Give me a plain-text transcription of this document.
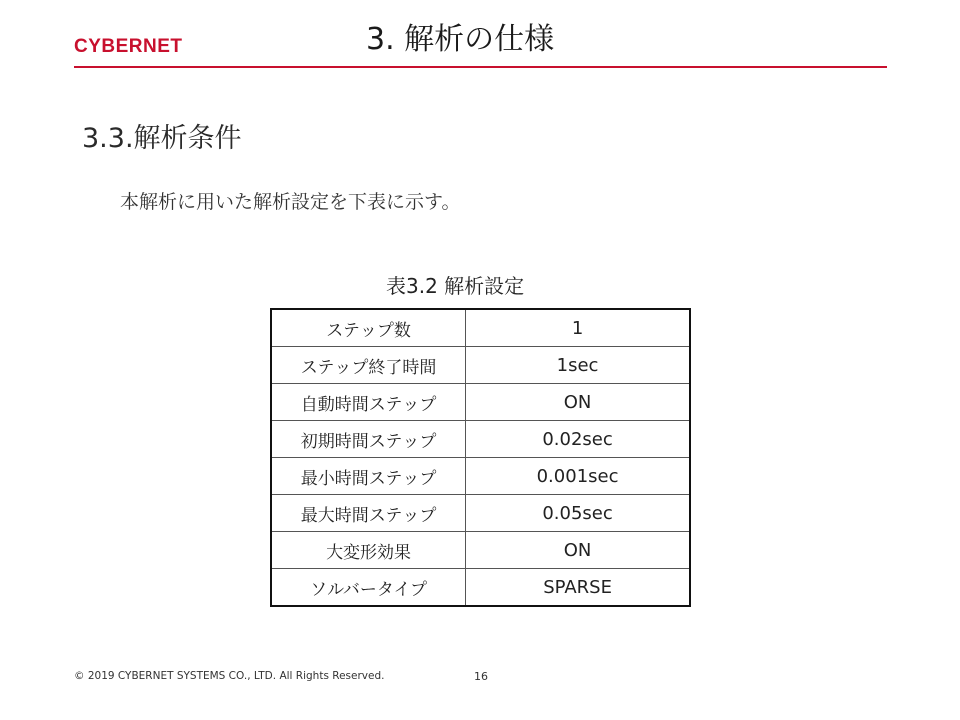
CYBERNET	3. 解析の仕様
3.3.解析条件
本解析に用いた解析設定を下表に示す。
表3.2 解析設定
ステップ数	1
ステップ終了時間	1sec
自動時間ステップ	ON
初期時間ステップ	0.02sec
最小時間ステップ	0.001sec
最大時間ステップ	0.05sec
大変形効果	ON
ソルバータイプ	SPARSE
© 2019 CYBERNET SYSTEMS CO., LTD. All Rights Reserved.	16
